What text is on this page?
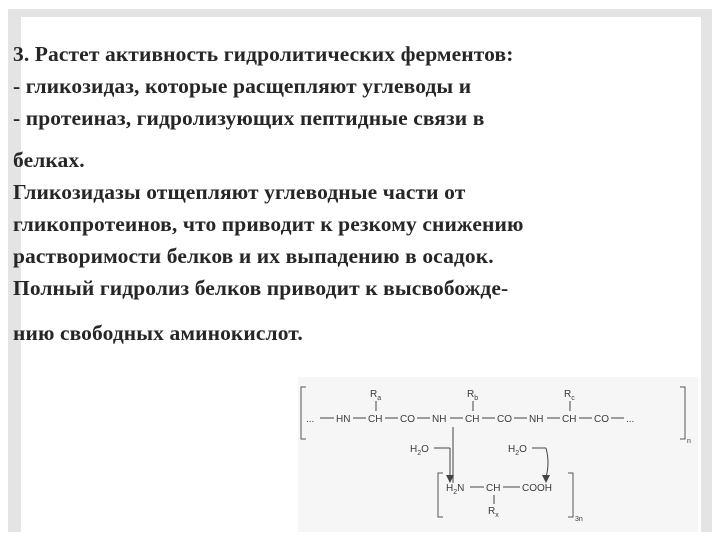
3. Растет активность гидролитических ферментов:

- гликозидаз, которые расщепляют углеводы и

- протеиназ, гидролизующих пептидные связи в

белках.

Гликозидазы отщепляют углеводные части от

гликопротеинов, что приводит к резкому снижению

растворимости белков и их выпадению в осадок.

Полный гидролиз белков приводит к высвобожде-

нию свободных аминокислот.

... HN CH CO NH CH CO NH CH CO ...
n
$R_a$	$R_b$	$R_c$
$H_2O$	$H_2O$
$H_2N$ CH COOH
$R_x$
3n
